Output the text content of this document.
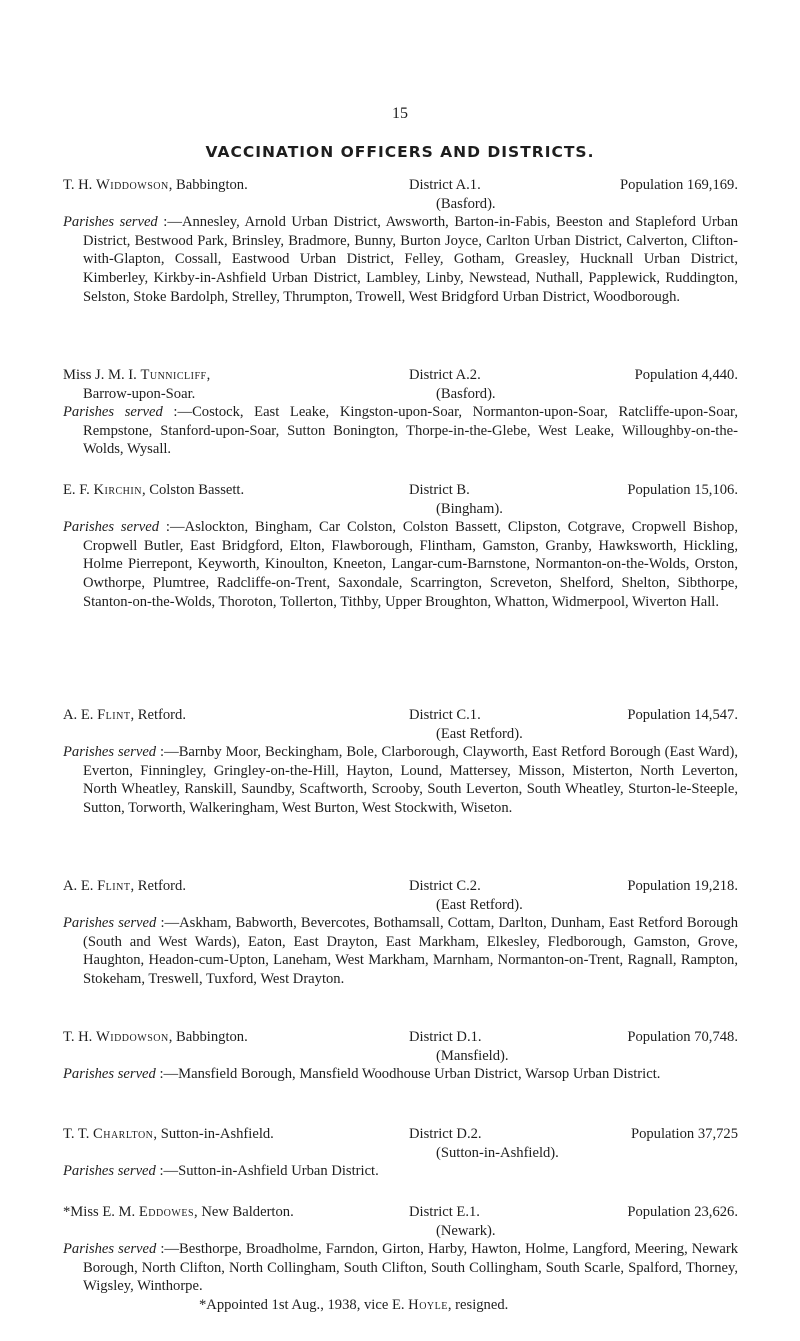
15
VACCINATION OFFICERS AND DISTRICTS.
T. H. Widdowson, Babbington.	District A.1.	Population 169,169.
(Basford).
Parishes served :—Annesley, Arnold Urban District, Awsworth, Barton-in-Fabis, Beeston and Stapleford Urban District, Bestwood Park, Brinsley, Bradmore, Bunny, Burton Joyce, Carlton Urban District, Calverton, Clifton-with-Glapton, Cossall, Eastwood Urban District, Felley, Gotham, Greasley, Hucknall Urban District, Kimberley, Kirkby-in-Ashfield Urban District, Lambley, Linby, Newstead, Nuthall, Papplewick, Ruddington, Selston, Stoke Bardolph, Strelley, Thrumpton, Trowell, West Bridgford Urban District, Woodborough.
Miss J. M. I. Tunnicliff,	District A.2.	Population 4,440.
Barrow-upon-Soar.	(Basford).
Parishes served :—Costock, East Leake, Kingston-upon-Soar, Normanton-upon-Soar, Ratcliffe-upon-Soar, Rempstone, Stanford-upon-Soar, Sutton Bonington, Thorpe-in-the-Glebe, West Leake, Willoughby-on-the-Wolds, Wysall.
E. F. Kirchin, Colston Bassett.	District B.	Population 15,106.
(Bingham).
Parishes served :—Aslockton, Bingham, Car Colston, Colston Bassett, Clipston, Cotgrave, Cropwell Bishop, Cropwell Butler, East Bridgford, Elton, Flawborough, Flintham, Gamston, Granby, Hawksworth, Hickling, Holme Pierrepont, Keyworth, Kinoulton, Kneeton, Langar-cum-Barnstone, Normanton-on-the-Wolds, Orston, Owthorpe, Plumtree, Radcliffe-on-Trent, Saxondale, Scarrington, Screveton, Shelford, Shelton, Sibthorpe, Stanton-on-the-Wolds, Thoroton, Tollerton, Tithby, Upper Broughton, Whatton, Widmerpool, Wiverton Hall.
A. E. Flint, Retford.	District C.1.	Population 14,547.
(East Retford).
Parishes served :—Barnby Moor, Beckingham, Bole, Clarborough, Clayworth, East Retford Borough (East Ward), Everton, Finningley, Gringley-on-the-Hill, Hayton, Lound, Mattersey, Misson, Misterton, North Leverton, North Wheatley, Ranskill, Saundby, Scaftworth, Scrooby, South Leverton, South Wheatley, Sturton-le-Steeple, Sutton, Torworth, Walkeringham, West Burton, West Stockwith, Wiseton.
A. E. Flint, Retford.	District C.2.	Population 19,218.
(East Retford).
Parishes served :—Askham, Babworth, Bevercotes, Bothamsall, Cottam, Darlton, Dunham, East Retford Borough (South and West Wards), Eaton, East Drayton, East Markham, Elkesley, Fledborough, Gamston, Grove, Haughton, Headon-cum-Upton, Laneham, West Markham, Marnham, Normanton-on-Trent, Ragnall, Rampton, Stokeham, Treswell, Tuxford, West Drayton.
T. H. Widdowson, Babbington.	District D.1.	Population 70,748.
(Mansfield).
Parishes served :—Mansfield Borough, Mansfield Woodhouse Urban District, Warsop Urban District.
T. T. Charlton, Sutton-in-Ashfield.	District D.2.	Population 37,725
(Sutton-in-Ashfield).
Parishes served :—Sutton-in-Ashfield Urban District.
*Miss E. M. Eddowes, New Balderton.	District E.1.	Population 23,626.
(Newark).
Parishes served :—Besthorpe, Broadholme, Farndon, Girton, Harby, Hawton, Holme, Langford, Meering, Newark Borough, North Clifton, North Collingham, South Clifton, South Collingham, South Scarle, Spalford, Thorney, Wigsley, Winthorpe.
*Appointed 1st Aug., 1938, vice E. Hoyle, resigned.
